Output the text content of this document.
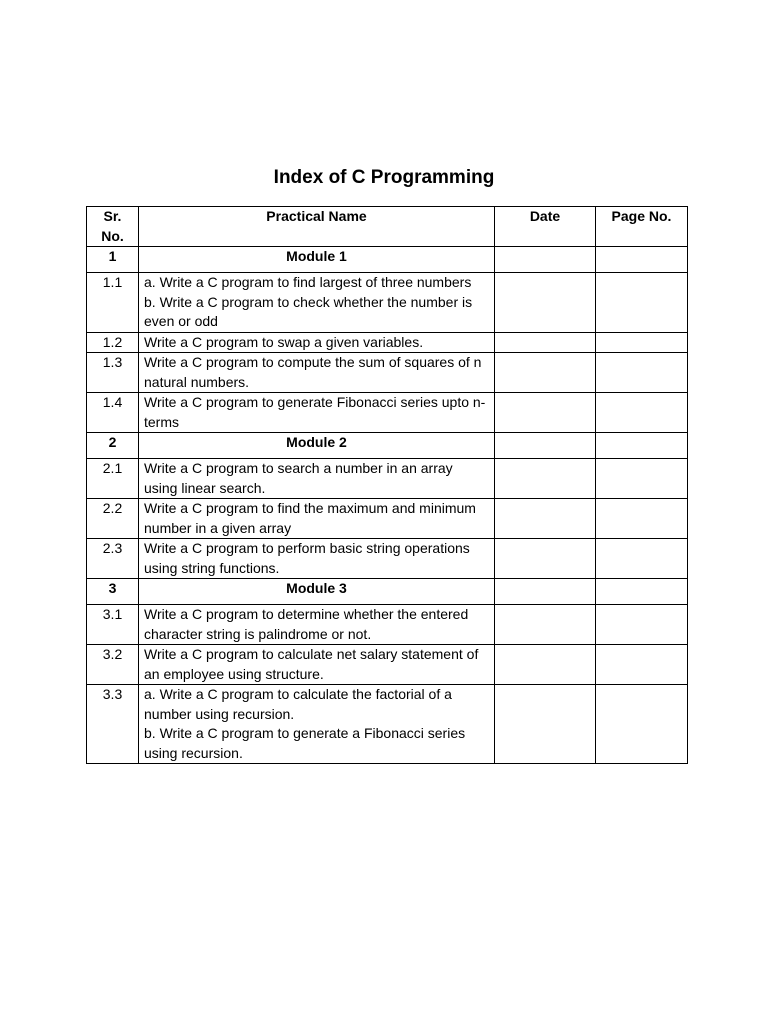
Index of C Programming
Sr.
No.	Practical Name	Date	Page No.
1	Module 1		
1.1	a. Write a C program to find largest of three numbers
b. Write a C program to check whether the number is even or odd		

1.2	Write a C program to swap a given variables.		

1.3	Write a C program to compute the sum of squares of n natural numbers.		

1.4	Write a C program to generate Fibonacci series upto n-terms		

2	Module 2		
2.1	Write a C program to search a number in an array using linear search.		

2.2	Write a C program to find the maximum and minimum number in a given array		

2.3	Write a C program to perform basic string operations using string functions.		

3	Module 3		
3.1	Write a C program to determine whether the entered character string is palindrome or not.		

3.2	Write a C program to calculate net salary statement of an employee using structure.		

3.3	a. Write a C program to calculate the factorial of a number using recursion.
b. Write a C program to generate a Fibonacci series using recursion.		
